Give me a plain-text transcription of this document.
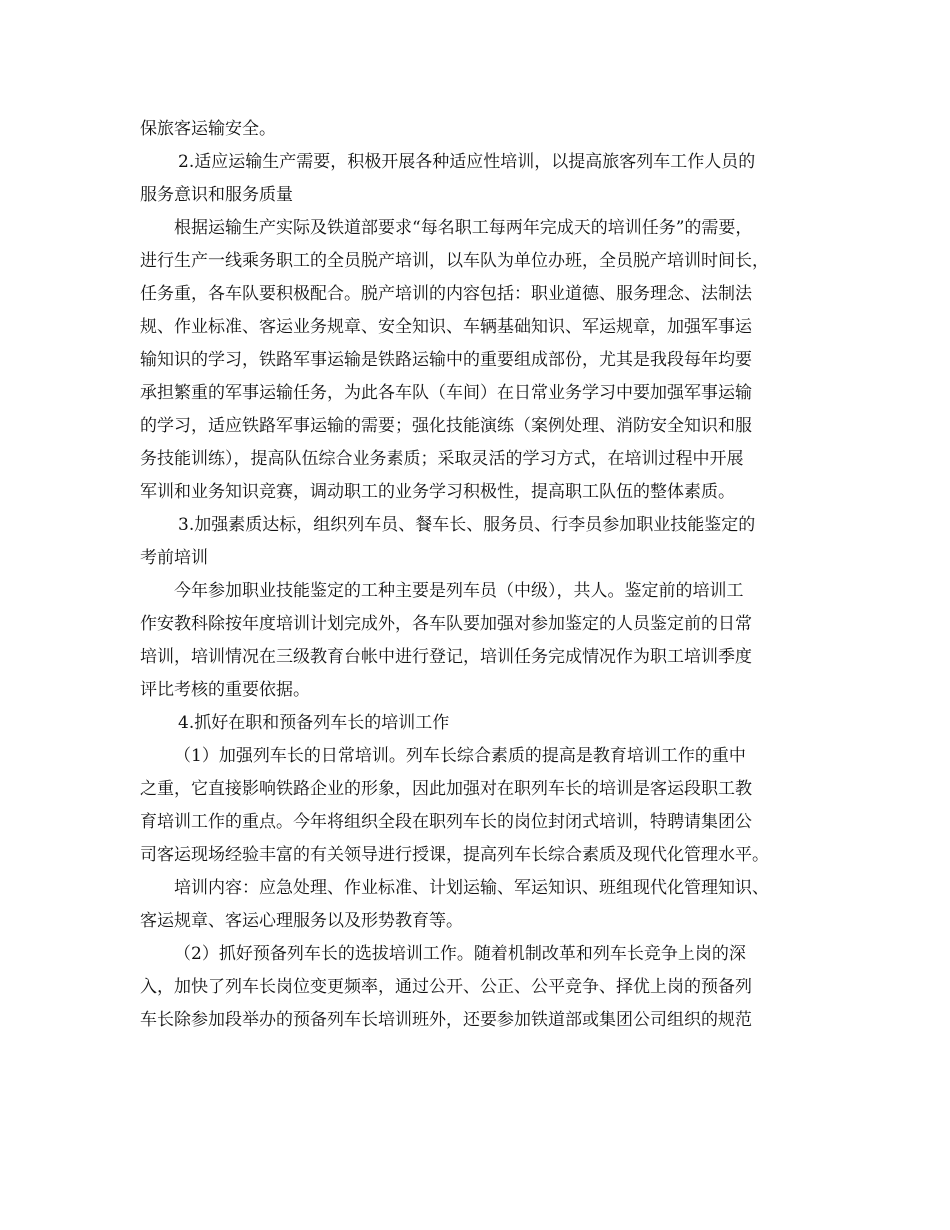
保旅客运输安全。
2.适应运输生产需要，积极开展各种适应性培训，以提高旅客列车工作人员的
服务意识和服务质量
根据运输生产实际及铁道部要求“每名职工每两年完成天的培训任务”的需要，
进行生产一线乘务职工的全员脱产培训，以车队为单位办班，全员脱产培训时间长，
任务重，各车队要积极配合。脱产培训的内容包括：职业道德、服务理念、法制法
规、作业标准、客运业务规章、安全知识、车辆基础知识、军运规章，加强军事运
输知识的学习，铁路军事运输是铁路运输中的重要组成部份，尤其是我段每年均要
承担繁重的军事运输任务，为此各车队（车间）在日常业务学习中要加强军事运输
的学习，适应铁路军事运输的需要；强化技能演练（案例处理、消防安全知识和服
务技能训练），提高队伍综合业务素质；采取灵活的学习方式，在培训过程中开展
军训和业务知识竞赛，调动职工的业务学习积极性，提高职工队伍的整体素质。
3.加强素质达标，组织列车员、餐车长、服务员、行李员参加职业技能鉴定的
考前培训
今年参加职业技能鉴定的工种主要是列车员（中级），共人。鉴定前的培训工
作安教科除按年度培训计划完成外，各车队要加强对参加鉴定的人员鉴定前的日常
培训，培训情况在三级教育台帐中进行登记，培训任务完成情况作为职工培训季度
评比考核的重要依据。
4.抓好在职和预备列车长的培训工作
（1）加强列车长的日常培训。列车长综合素质的提高是教育培训工作的重中
之重，它直接影响铁路企业的形象，因此加强对在职列车长的培训是客运段职工教
育培训工作的重点。今年将组织全段在职列车长的岗位封闭式培训，特聘请集团公
司客运现场经验丰富的有关领导进行授课，提高列车长综合素质及现代化管理水平。
培训内容：应急处理、作业标准、计划运输、军运知识、班组现代化管理知识、
客运规章、客运心理服务以及形势教育等。
（2）抓好预备列车长的选拔培训工作。随着机制改革和列车长竞争上岗的深
入，加快了列车长岗位变更频率，通过公开、公正、公平竞争、择优上岗的预备列
车长除参加段举办的预备列车长培训班外，还要参加铁道部或集团公司组织的规范
